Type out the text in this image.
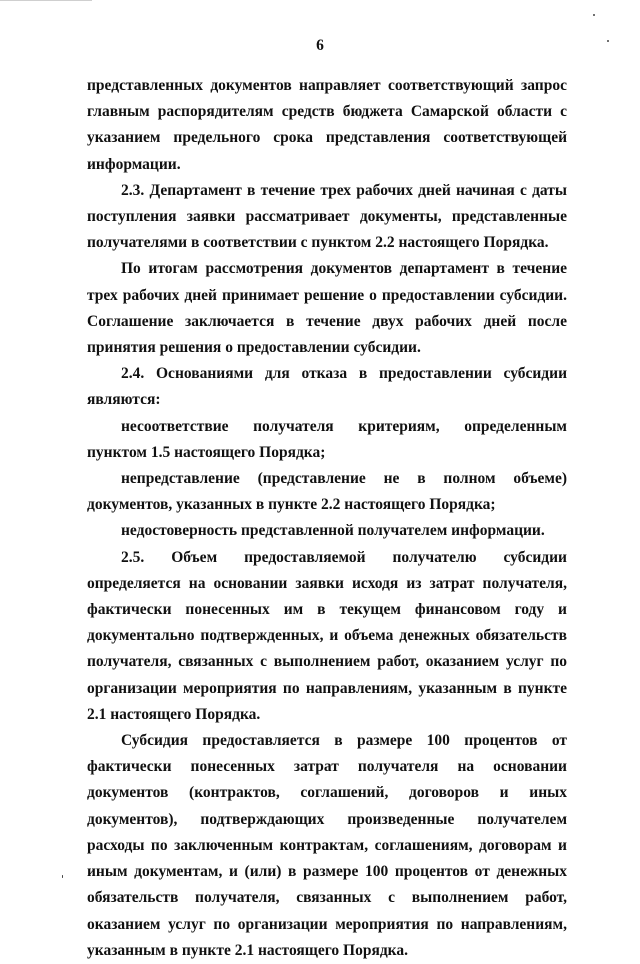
6

представленных документов направляет соответствующий запрос главным распорядителям средств бюджета Самарской области с указанием предельного срока представления соответствующей информации.

2.3. Департамент в течение трех рабочих дней начиная с даты поступления заявки рассматривает документы, представленные получателями в соответствии с пунктом 2.2 настоящего Порядка.

По итогам рассмотрения документов департамент в течение трех рабочих дней принимает решение о предоставлении субсидии. Соглашение заключается в течение двух рабочих дней после принятия решения о предоставлении субсидии.

2.4. Основаниями для отказа в предоставлении субсидии являются:

несоответствие получателя критериям, определенным пунктом 1.5 настоящего Порядка;

непредставление (представление не в полном объеме) документов, указанных в пункте 2.2 настоящего Порядка;

недостоверность представленной получателем информации.

2.5. Объем предоставляемой получателю субсидии определяется на основании заявки исходя из затрат получателя, фактически понесенных им в текущем финансовом году и документально подтвержденных, и объема денежных обязательств получателя, связанных с выполнением работ, оказанием услуг по организации мероприятия по направлениям, указанным в пункте 2.1 настоящего Порядка.

Субсидия предоставляется в размере 100 процентов от фактически понесенных затрат получателя на основании документов (контрактов, соглашений, договоров и иных документов), подтверждающих произведенные получателем расходы по заключенным контрактам, соглашениям, договорам и иным документам, и (или) в размере 100 процентов от денежных обязательств получателя, связанных с выполнением работ, оказанием услуг по организации мероприятия по направлениям, указанным в пункте 2.1 настоящего Порядка.
